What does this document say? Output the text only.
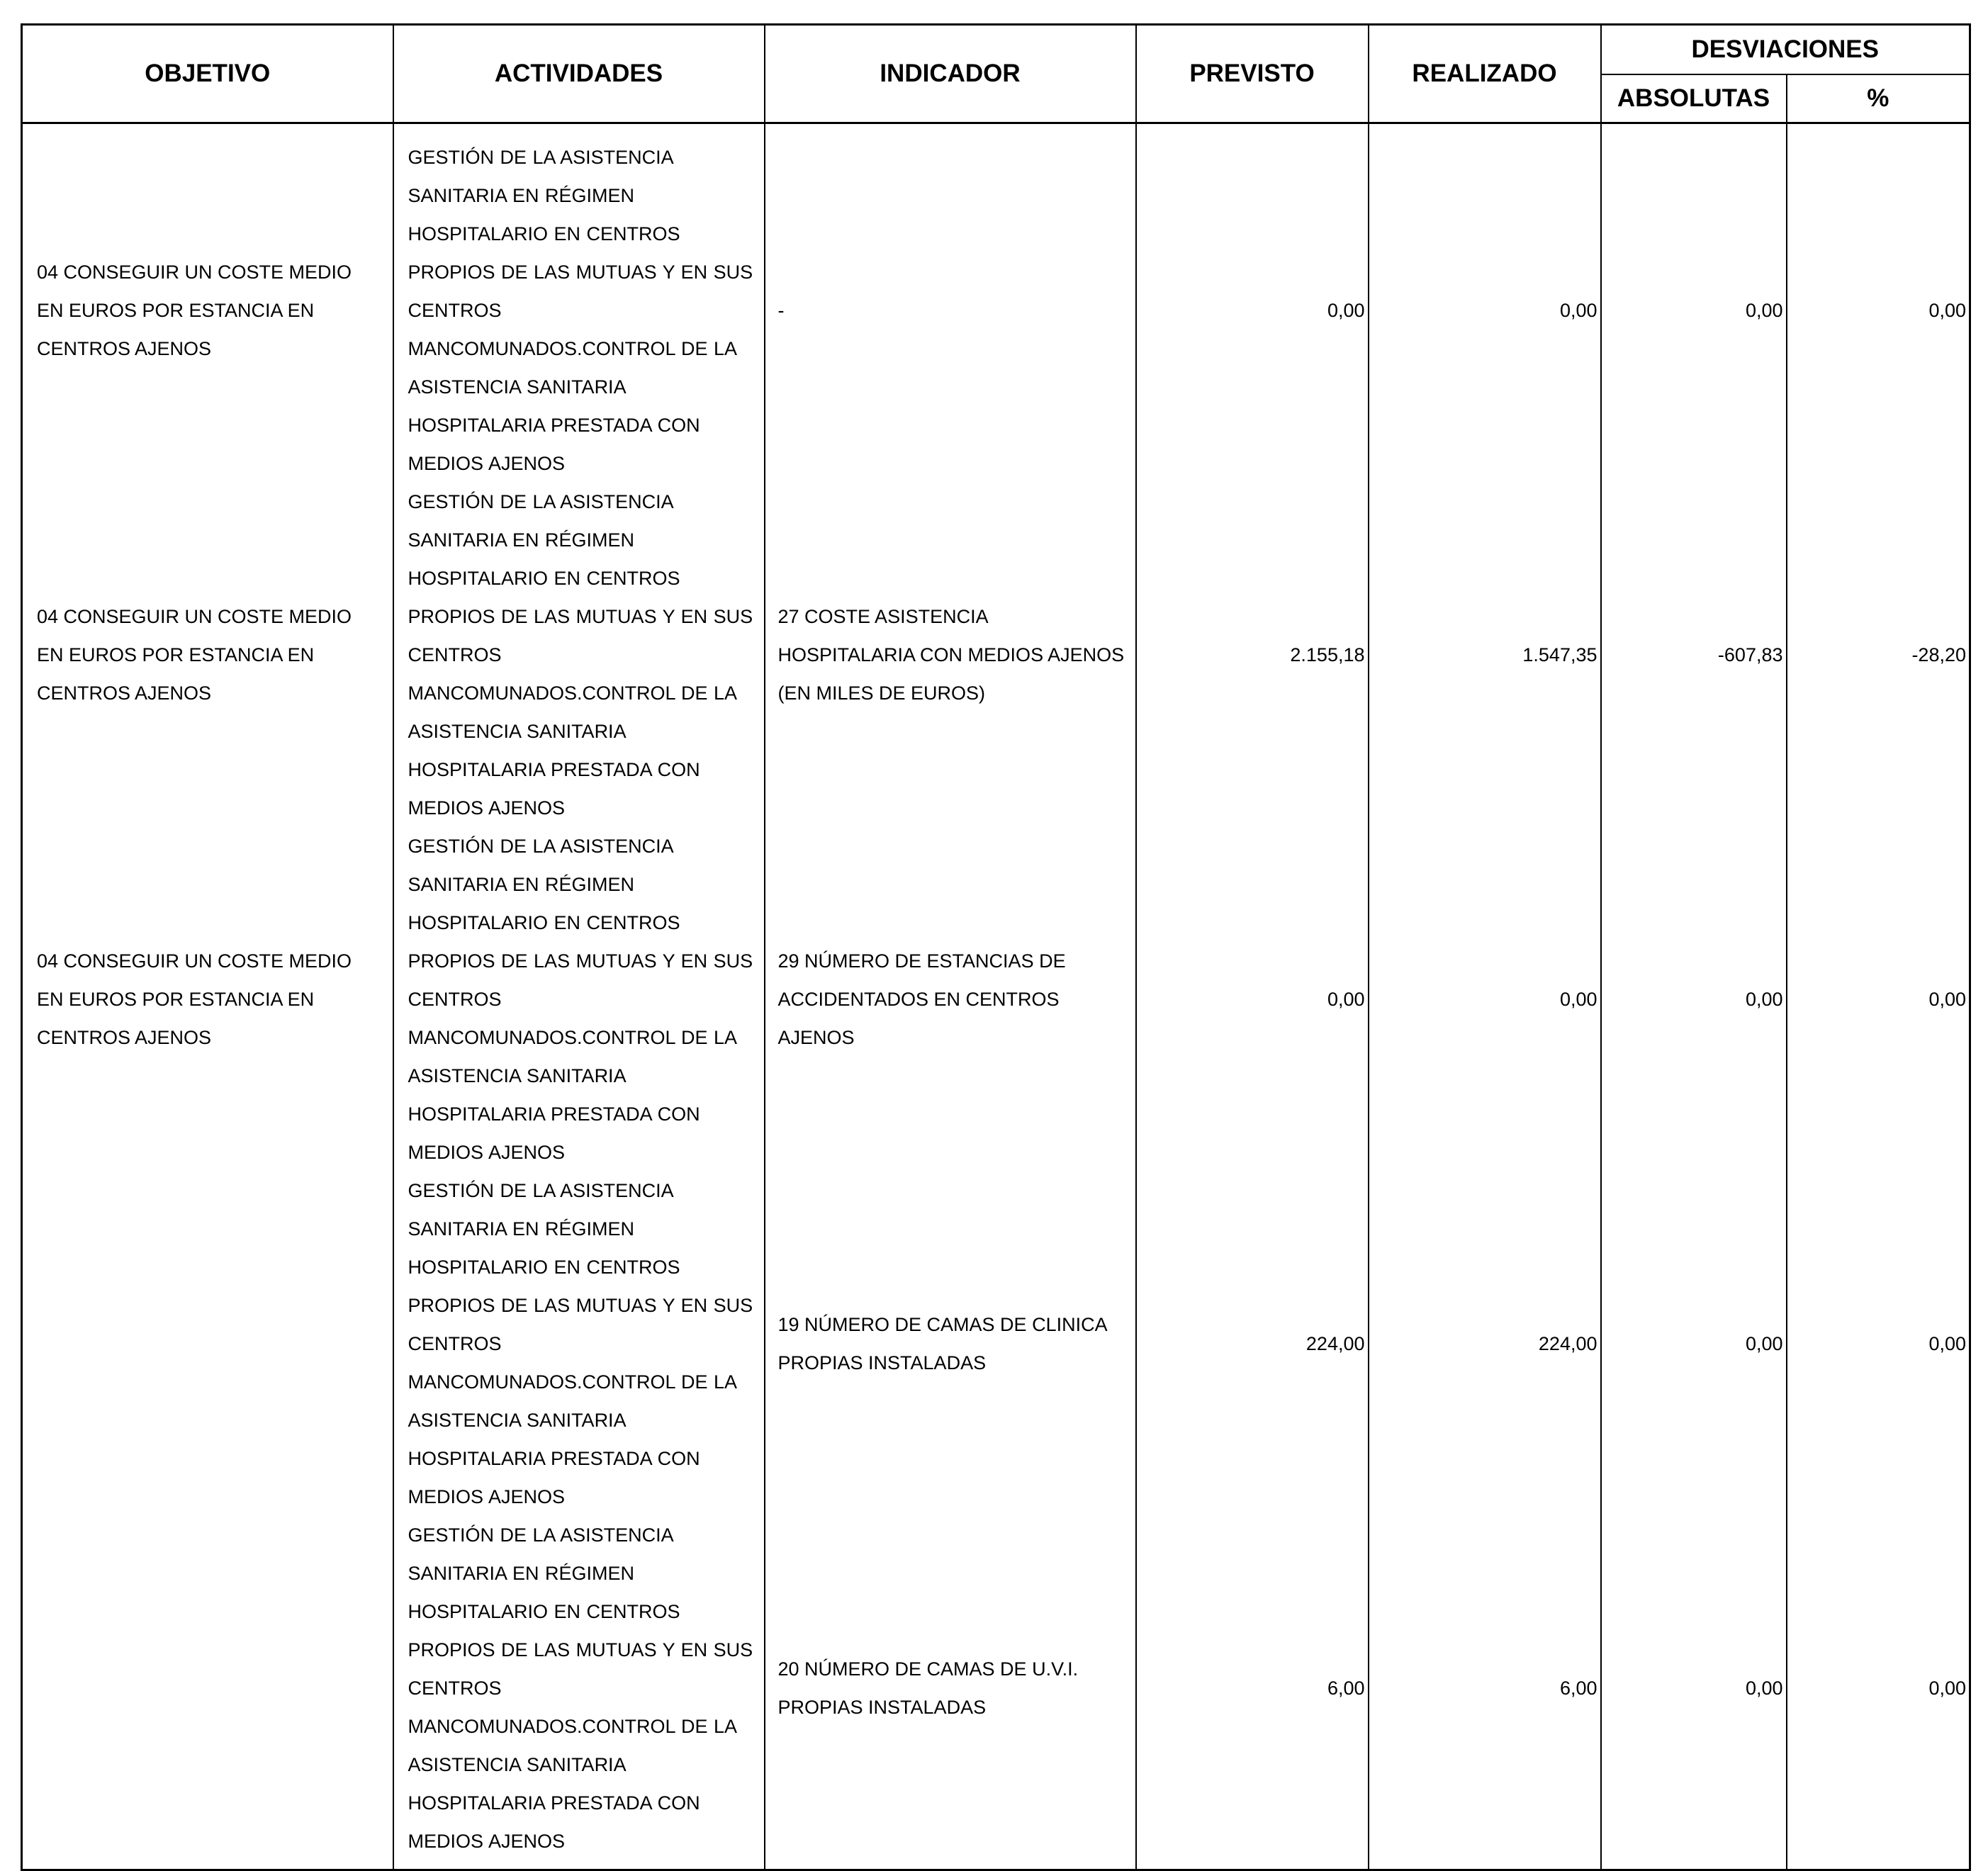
OBJETIVO	ACTIVIDADES	INDICADOR	PREVISTO	REALIZADO	DESVIACIONES	
					ABSOLUTAS	%
04 CONSEGUIR UN COSTE MEDIO EN EUROS POR ESTANCIA EN CENTROS AJENOS	GESTIÓN DE LA ASISTENCIA SANITARIA EN RÉGIMEN HOSPITALARIO EN CENTROS PROPIOS DE LAS MUTUAS Y EN SUS CENTROS MANCOMUNADOS.CONTROL DE LA ASISTENCIA SANITARIA HOSPITALARIA PRESTADA CON MEDIOS AJENOS	-	0,00	0,00	0,00	0,00
04 CONSEGUIR UN COSTE MEDIO EN EUROS POR ESTANCIA EN CENTROS AJENOS	GESTIÓN DE LA ASISTENCIA SANITARIA EN RÉGIMEN HOSPITALARIO EN CENTROS PROPIOS DE LAS MUTUAS Y EN SUS CENTROS MANCOMUNADOS.CONTROL DE LA ASISTENCIA SANITARIA HOSPITALARIA PRESTADA CON MEDIOS AJENOS	27 COSTE ASISTENCIA HOSPITALARIA CON MEDIOS AJENOS (EN MILES DE EUROS)	2.155,18	1.547,35	-607,83	-28,20
04 CONSEGUIR UN COSTE MEDIO EN EUROS POR ESTANCIA EN CENTROS AJENOS	GESTIÓN DE LA ASISTENCIA SANITARIA EN RÉGIMEN HOSPITALARIO EN CENTROS PROPIOS DE LAS MUTUAS Y EN SUS CENTROS MANCOMUNADOS.CONTROL DE LA ASISTENCIA SANITARIA HOSPITALARIA PRESTADA CON MEDIOS AJENOS	29 NÚMERO DE ESTANCIAS DE ACCIDENTADOS EN CENTROS AJENOS	0,00	0,00	0,00	0,00
	GESTIÓN DE LA ASISTENCIA SANITARIA EN RÉGIMEN HOSPITALARIO EN CENTROS PROPIOS DE LAS MUTUAS Y EN SUS CENTROS MANCOMUNADOS.CONTROL DE LA ASISTENCIA SANITARIA HOSPITALARIA PRESTADA CON MEDIOS AJENOS	19 NÚMERO DE CAMAS DE CLINICA PROPIAS INSTALADAS	224,00	224,00	0,00	0,00
	GESTIÓN DE LA ASISTENCIA SANITARIA EN RÉGIMEN HOSPITALARIO EN CENTROS PROPIOS DE LAS MUTUAS Y EN SUS CENTROS MANCOMUNADOS.CONTROL DE LA ASISTENCIA SANITARIA HOSPITALARIA PRESTADA CON MEDIOS AJENOS	20 NÚMERO DE CAMAS DE U.V.I. PROPIAS INSTALADAS	6,00	6,00	0,00	0,00
